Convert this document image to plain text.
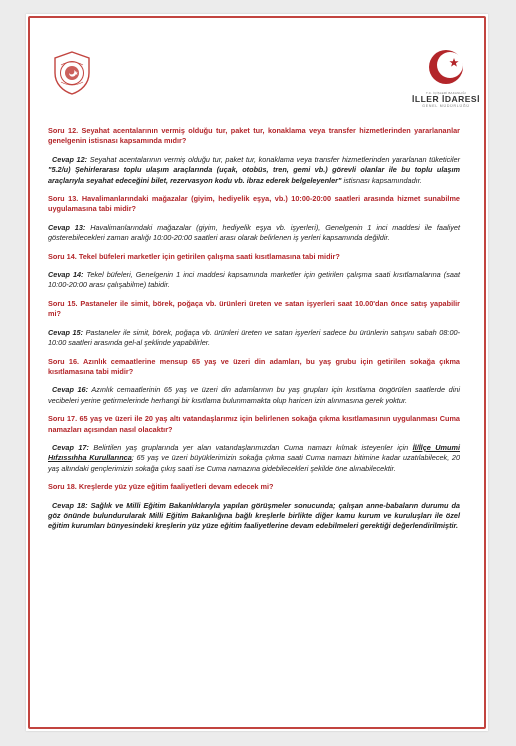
T.C. İÇİŞLERİ BAKANLIĞI
İLLER İDARESİ
GENEL MÜDÜRLÜĞÜ

Soru 12. Seyahat acentalarının vermiş olduğu tur, paket tur, konaklama veya transfer hizmetlerinden yararlananlar genelgenin istisnası kapsamında mıdır?

Cevap 12: Seyahat acentalarının vermiş olduğu tur, paket tur, konaklama veya transfer hizmetlerinden yararlanan tüketiciler "5.2/u) Şehirlerarası toplu ulaşım araçlarında (uçak, otobüs, tren, gemi vb.) görevli olanlar ile bu toplu ulaşım araçlarıyla seyahat edeceğini bilet, rezervasyon kodu vb. ibraz ederek belgeleyenler" istisnası kapsamındadır.

Soru 13. Havalimanlarındaki mağazalar (giyim, hediyelik eşya, vb.) 10:00-20:00 saatleri arasında hizmet sunabilme uygulamasına tabi midir?

Cevap 13: Havalimanlarındaki mağazalar (giyim, hediyelik eşya vb. işyerleri), Genelgenin 1 inci maddesi ile faaliyet gösterebilecekleri zaman aralığı 10:00-20:00 saatleri arası olarak belirlenen iş yerleri kapsamında değildir.

Soru 14. Tekel büfeleri marketler için getirilen çalışma saati kısıtlamasına tabi midir?

Cevap 14: Tekel büfeleri, Genelgenin 1 inci maddesi kapsamında marketler için getirilen çalışma saati kısıtlamalarına (saat 10:00-20:00 arası çalışabilme) tabidir.

Soru 15. Pastaneler ile simit, börek, poğaça vb. ürünleri üreten ve satan işyerleri saat 10.00'dan önce satış yapabilir mi?

Cevap 15: Pastaneler ile simit, börek, poğaça vb. ürünleri üreten ve satan işyerleri sadece bu ürünlerin satışını sabah 08:00-10:00 saatleri arasında gel-al şeklinde yapabilirler.

Soru 16. Azınlık cemaatlerine mensup 65 yaş ve üzeri din adamları, bu yaş grubu için getirilen sokağa çıkma kısıtlamasına tabi midir?

Cevap 16: Azınlık cemaatlerinin 65 yaş ve üzeri din adamlarının bu yaş grupları için kısıtlama öngörülen saatlerde dini vecibeleri yerine getirmelerinde herhangi bir kısıtlama bulunmamakta olup haricen izin alınmasına gerek yoktur.

Soru 17. 65 yaş ve üzeri ile 20 yaş altı vatandaşlarımız için belirlenen sokağa çıkma kısıtlamasının uygulanması Cuma namazları açısından nasıl olacaktır?

Cevap 17: Belirtilen yaş gruplarında yer alan vatandaşlarımızdan Cuma namazı kılmak isteyenler için İl/İlçe Umumi Hıfzıssıhha Kurullarınca; 65 yaş ve üzeri büyüklerimizin sokağa çıkma saati Cuma namazı bitimine kadar uzatılabilecek, 20 yaş altındaki gençlerimizin sokağa çıkış saati ise Cuma namazına gidebilecekleri şekilde öne alınabilecektir.

Soru 18. Kreşlerde yüz yüze eğitim faaliyetleri devam edecek mi?

Cevap 18: Sağlık ve Milli Eğitim Bakanlıklarıyla yapılan görüşmeler sonucunda; çalışan anne-babaların durumu da göz önünde bulundurularak Milli Eğitim Bakanlığına bağlı kreşlerle birlikte diğer kamu kurum ve kuruluşları ile özel eğitim kurumları bünyesindeki kreşlerin yüz yüze eğitim faaliyetlerine devam edebilmeleri gerektiği değerlendirilmiştir.
